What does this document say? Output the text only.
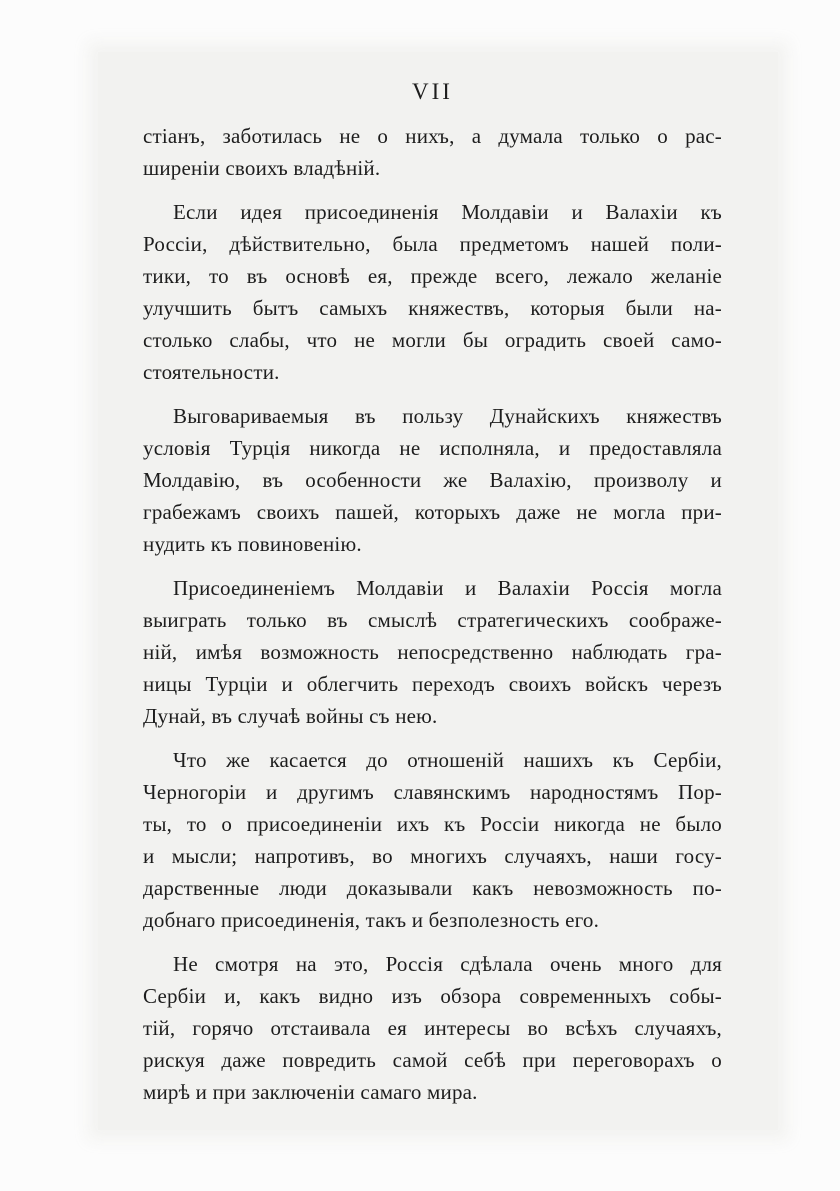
VII

стіанъ, заботилась не о нихъ, а думала только о рас-
ширеніи своихъ владѣній.

Если идея присоединенія Молдавіи и Валахіи къ
Россіи, дѣйствительно, была предметомъ нашей поли-
тики, то въ основѣ ея, прежде всего, лежало желаніе
улучшить бытъ самыхъ княжествъ, которыя были на-
столько слабы, что не могли бы оградить своей само-
стоятельности.

Выговариваемыя въ пользу Дунайскихъ княжествъ
условія Турція никогда не исполняла, и предоставляла
Молдавію, въ особенности же Валахію, произволу и
грабежамъ своихъ пашей, которыхъ даже не могла при-
нудить къ повиновенію.

Присоединеніемъ Молдавіи и Валахіи Россія могла
выиграть только въ смыслѣ стратегическихъ соображе-
ній, имѣя возможность непосредственно наблюдать гра-
ницы Турціи и облегчить переходъ своихъ войскъ черезъ
Дунай, въ случаѣ войны съ нею.

Что же касается до отношеній нашихъ къ Сербіи,
Черногоріи и другимъ славянскимъ народностямъ Пор-
ты, то о присоединеніи ихъ къ Россіи никогда не было
и мысли; напротивъ, во многихъ случаяхъ, наши госу-
дарственные люди доказывали какъ невозможность по-
добнаго присоединенія, такъ и безполезность его.

Не смотря на это, Россія сдѣлала очень много для
Сербіи и, какъ видно изъ обзора современныхъ собы-
тій, горячо отстаивала ея интересы во всѣхъ случаяхъ,
рискуя даже повредить самой себѣ при переговорахъ о
мирѣ и при заключеніи самаго мира.
